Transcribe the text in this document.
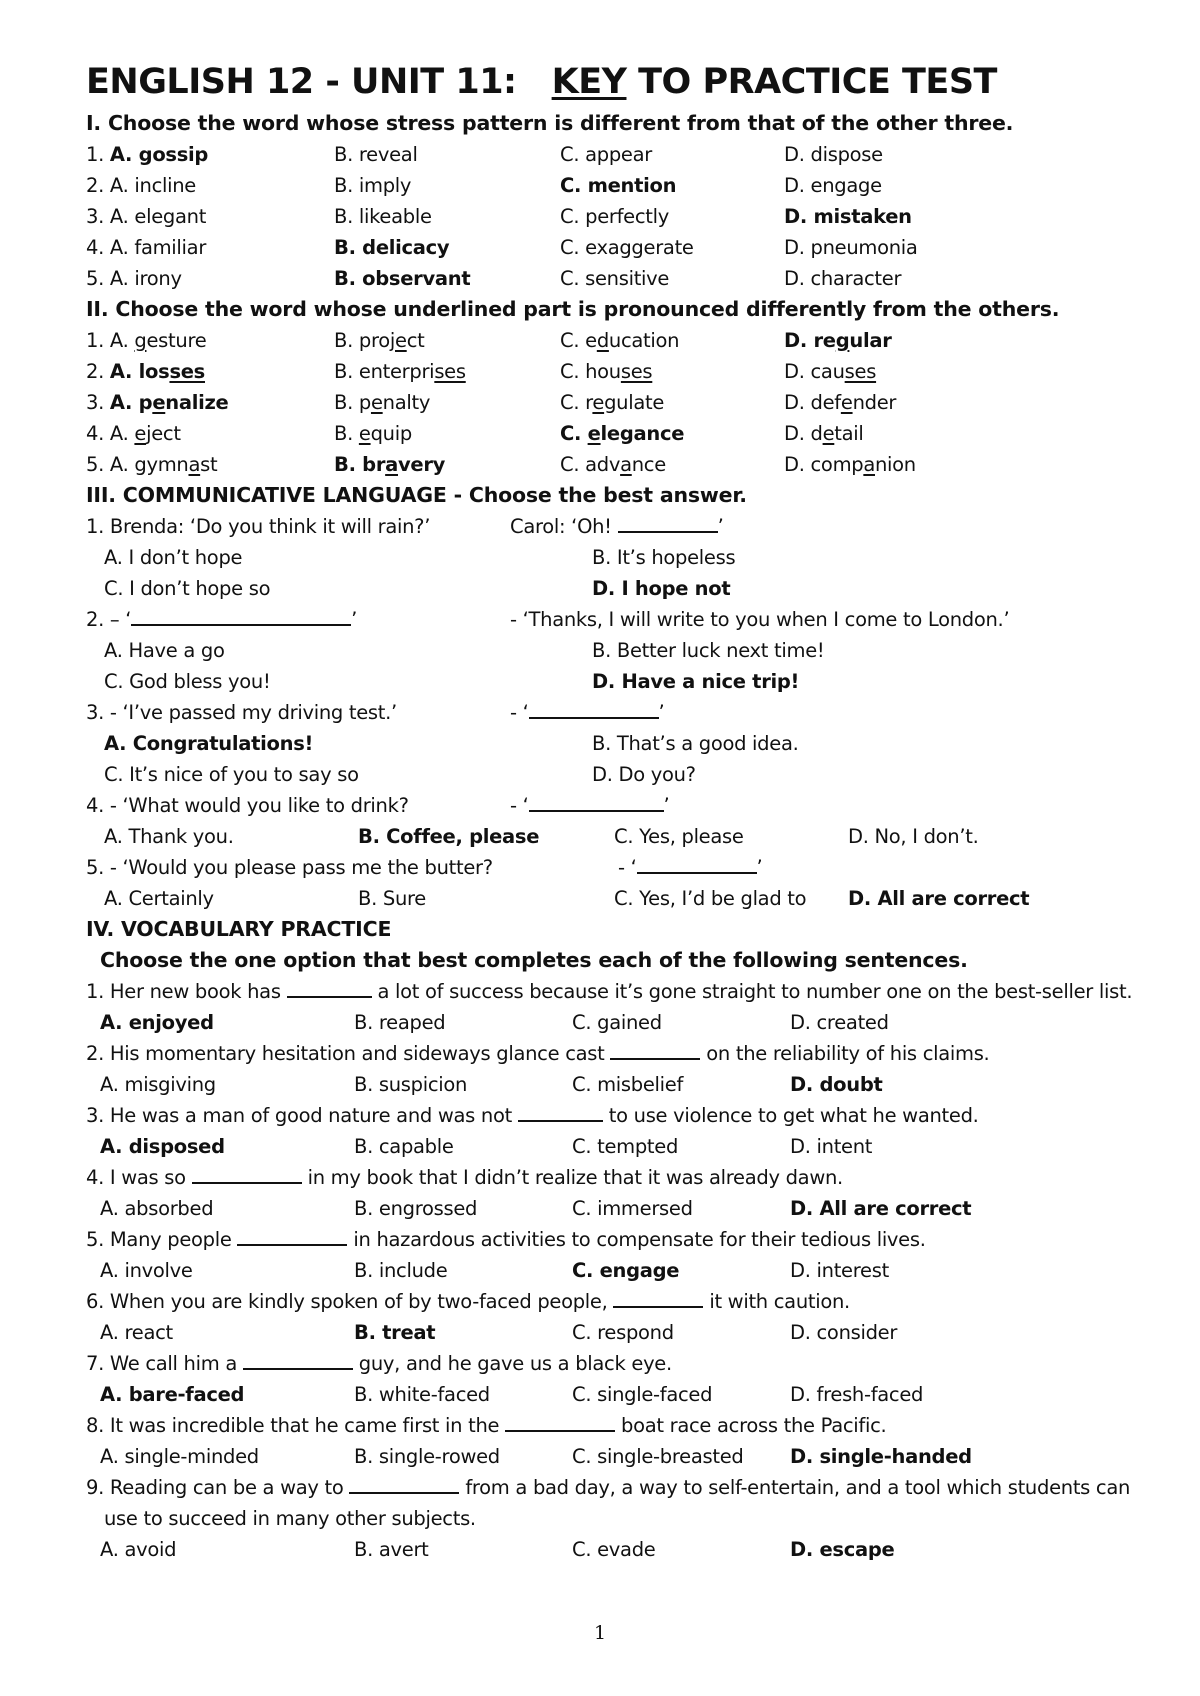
ENGLISH 12 - UNIT 11: KEY TO PRACTICE TEST
I. Choose the word whose stress pattern is different from that of the other three.
1. A. gossip	B. reveal	C. appear	D. dispose
2. A. incline	B. imply	C. mention	D. engage
3. A. elegant	B. likeable	C. perfectly	D. mistaken
4. A. familiar	B. delicacy	C. exaggerate	D. pneumonia
5. A. irony	B. observant	C. sensitive	D. character
II. Choose the word whose underlined part is pronounced differently from the others.
1. A. gesture	B. project	C. education	D. regular
2. A. losses	B. enterprises	C. houses	D. causes
3. A. penalize	B. penalty	C. regulate	D. defender
4. A. eject	B. equip	C. elegance	D. detail
5. A. gymnast	B. bravery	C. advance	D. companion
III. COMMUNICATIVE LANGUAGE - Choose the best answer.
1. Brenda: ‘Do you think it will rain?’	Carol: ‘Oh!	’
A. I don’t hope	B. It’s hopeless
C. I don’t hope so	D. I hope not
2. – ‘	’	- ‘Thanks, I will write to you when I come to London.’
A. Have a go	B. Better luck next time!
C. God bless you!	D. Have a nice trip!
3. - ‘I’ve passed my driving test.’	- ‘	’
A. Congratulations!	B. That’s a good idea.
C. It’s nice of you to say so	D. Do you?
4. - ‘What would you like to drink?	- ‘	’
A. Thank you.	B. Coffee, please	C. Yes, please	D. No, I don’t.
5. - ‘Would you please pass me the butter?	- ‘	’
A. Certainly	B. Sure	C. Yes, I’d be glad to	D. All are correct
IV. VOCABULARY PRACTICE
Choose the one option that best completes each of the following sentences.
1. Her new book has	a lot of success because it’s gone straight to number one on the best-seller list.
A. enjoyed	B. reaped	C. gained	D. created
2. His momentary hesitation and sideways glance cast	on the reliability of his claims.
A. misgiving	B. suspicion	C. misbelief	D. doubt
3. He was a man of good nature and was not	to use violence to get what he wanted.
A. disposed	B. capable	C. tempted	D. intent
4. I was so	in my book that I didn’t realize that it was already dawn.
A. absorbed	B. engrossed	C. immersed	D. All are correct
5. Many people	in hazardous activities to compensate for their tedious lives.
A. involve	B. include	C. engage	D. interest
6. When you are kindly spoken of by two-faced people,	it with caution.
A. react	B. treat	C. respond	D. consider
7. We call him a	guy, and he gave us a black eye.
A. bare-faced	B. white-faced	C. single-faced	D. fresh-faced
8. It was incredible that he came first in the	boat race across the Pacific.
A. single-minded	B. single-rowed	C. single-breasted	D. single-handed
9. Reading can be a way to	from a bad day, a way to self-entertain, and a tool which students can use to succeed in many other subjects.
A. avoid	B. avert	C. evade	D. escape
1
